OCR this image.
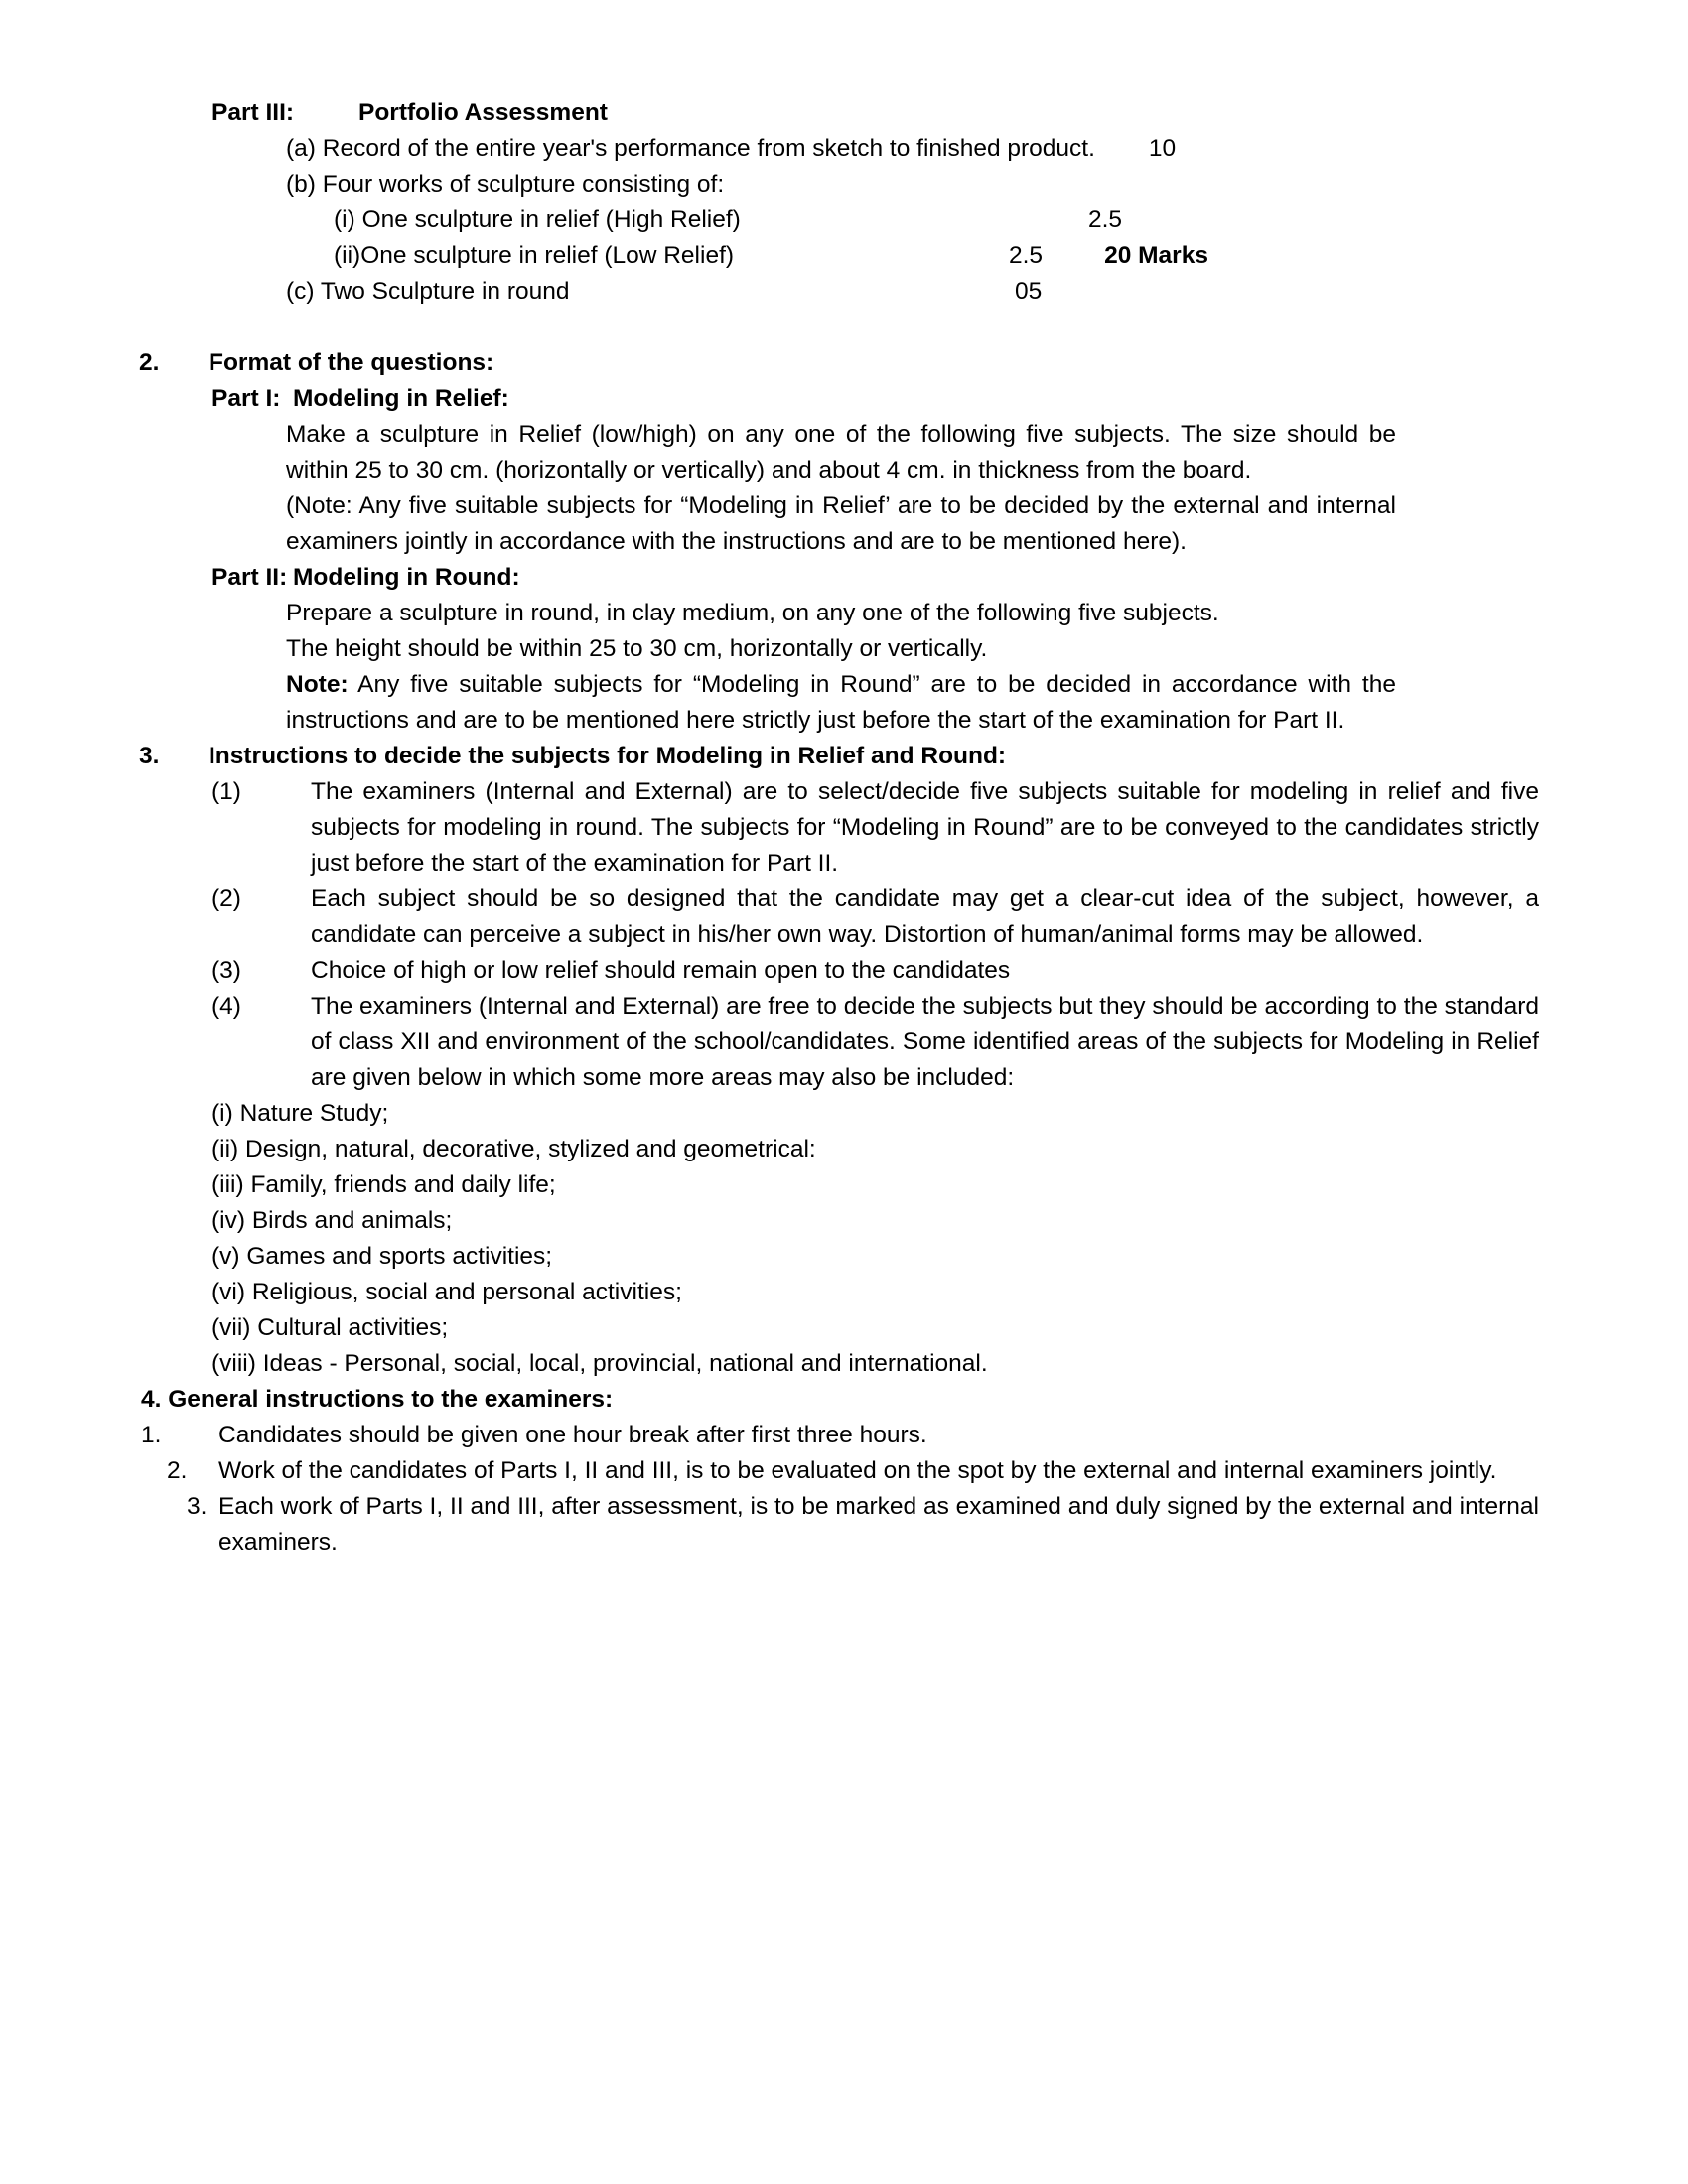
Part III:	Portfolio Assessment
(a) Record of the entire year's performance from sketch to finished product. 10
(b) Four works of sculpture consisting of:
(i) One sculpture in relief (High Relief)	2.5
(ii)One sculpture in relief (Low Relief)	2.5	20 Marks
(c) Two Sculpture in round	05
2.	Format of the questions:
Part I: Modeling in Relief:
Make a sculpture in Relief (low/high) on any one of the following five subjects. The size should be within 25 to 30 cm. (horizontally or vertically) and about 4 cm. in thickness from the board.
(Note: Any five suitable subjects for “Modeling in Relief’ are to be decided by the external and internal examiners jointly in accordance with the instructions and are to be mentioned here).
Part II: Modeling in Round:
Prepare a sculpture in round, in clay medium, on any one of the following five subjects.
The height should be within 25 to 30 cm, horizontally or vertically.
Note: Any five suitable subjects for “Modeling in Round” are to be decided in accordance with the instructions and are to be mentioned here strictly just before the start of the examination for Part II.
3.	Instructions to decide the subjects for Modeling in Relief and Round:
(1)	The examiners (Internal and External) are to select/decide five subjects suitable for modeling in relief and five subjects for modeling in round. The subjects for “Modeling in Round” are to be conveyed to the candidates strictly just before the start of the examination for Part II.
(2)	Each subject should be so designed that the candidate may get a clear-cut idea of the subject, however, a candidate can perceive a subject in his/her own way. Distortion of human/animal forms may be allowed.
(3)	Choice of high or low relief should remain open to the candidates
(4)	The examiners (Internal and External) are free to decide the subjects but they should be according to the standard of class XII and environment of the school/candidates. Some identified areas of the subjects for Modeling in Relief are given below in which some more areas may also be included:
(i) Nature Study;
(ii) Design, natural, decorative, stylized and geometrical:
(iii) Family, friends and daily life;
(iv) Birds and animals;
(v) Games and sports activities;
(vi) Religious, social and personal activities;
(vii) Cultural activities;
(viii) Ideas - Personal, social, local, provincial, national and international.
4. General instructions to the examiners:
1.	Candidates should be given one hour break after first three hours.
2.	Work of the candidates of Parts I, II and III, is to be evaluated on the spot by the external and internal examiners jointly.
3. Each work of Parts I, II and III, after assessment, is to be marked as examined and duly signed by the external and internal examiners.
